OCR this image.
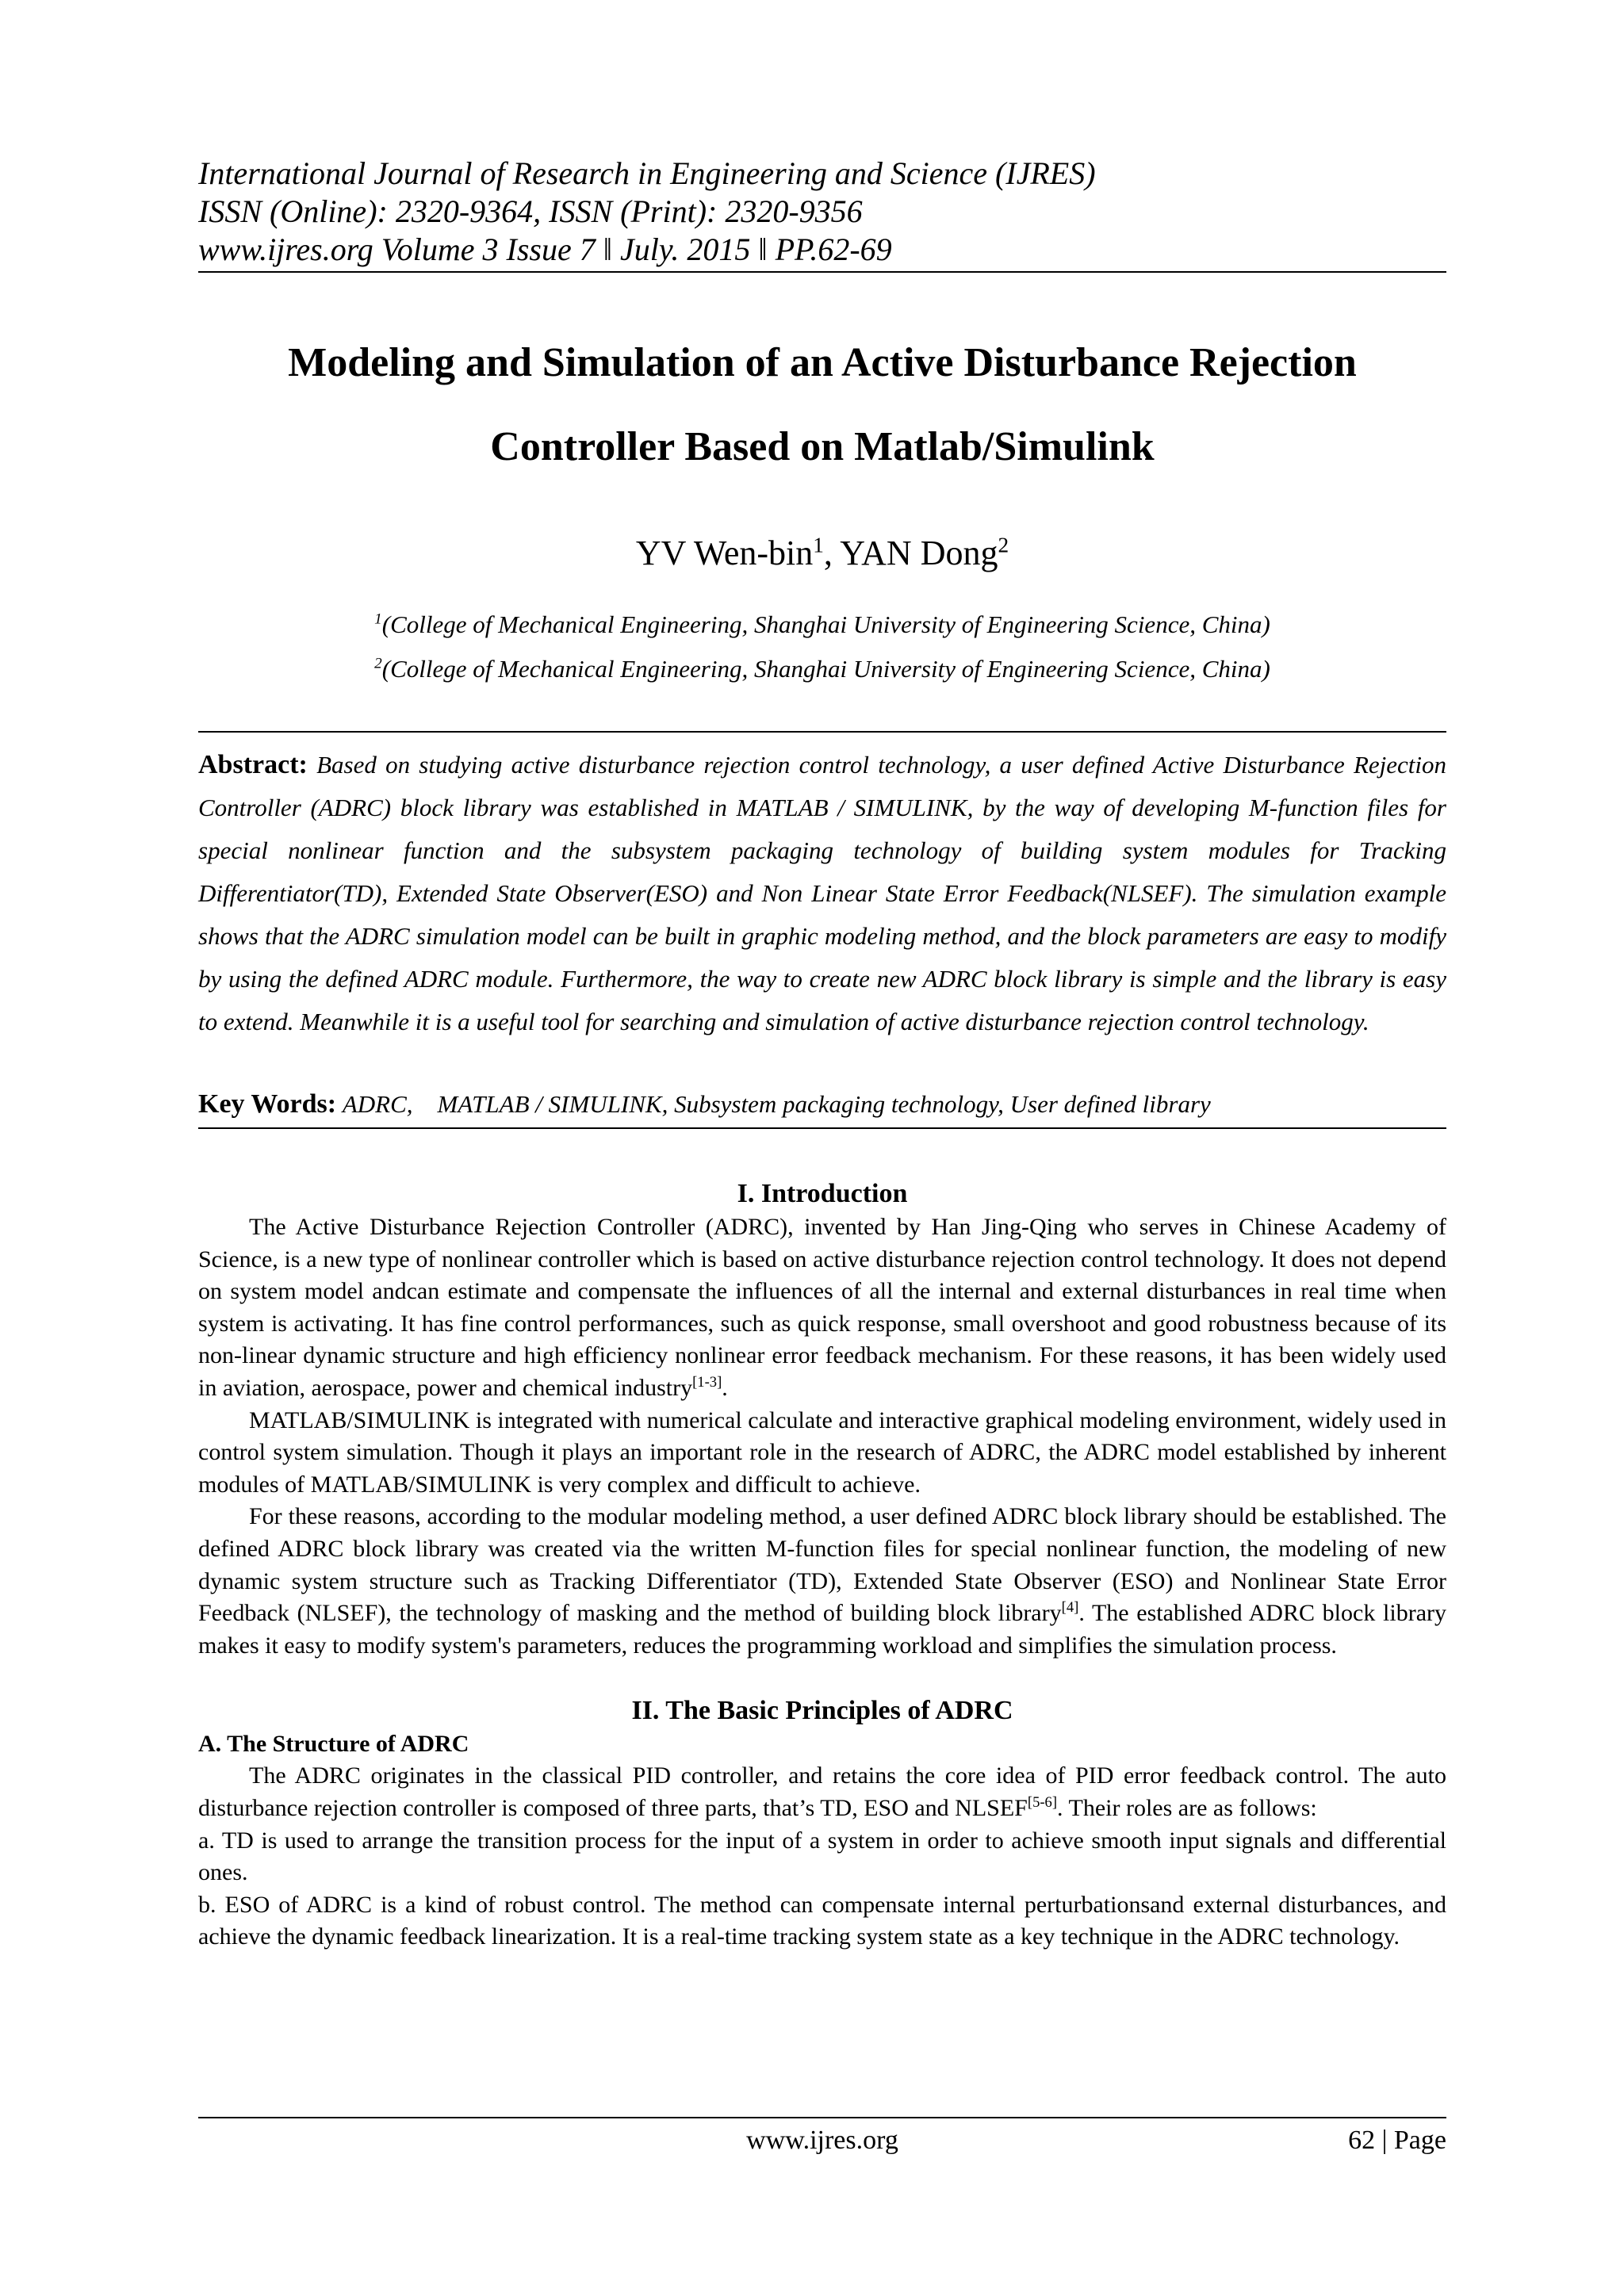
International Journal of Research in Engineering and Science (IJRES)
ISSN (Online): 2320-9364, ISSN (Print): 2320-9356
www.ijres.org Volume 3 Issue 7 ǁ July. 2015 ǁ PP.62-69
Modeling and Simulation of an Active Disturbance Rejection
Controller Based on Matlab/Simulink
YV Wen-bin$^1$, YAN Dong$^2$
$^1$(College of Mechanical Engineering, Shanghai University of Engineering Science, China)
$^2$(College of Mechanical Engineering, Shanghai University of Engineering Science, China)
Abstract: Based on studying active disturbance rejection control technology, a user defined Active Disturbance Rejection Controller (ADRC) block library was established in MATLAB / SIMULINK, by the way of developing M-function files for special nonlinear function and the subsystem packaging technology of building system modules for Tracking Differentiator(TD), Extended State Observer(ESO) and Non Linear State Error Feedback(NLSEF). The simulation example shows that the ADRC simulation model can be built in graphic modeling method, and the block parameters are easy to modify by using the defined ADRC module. Furthermore, the way to create new ADRC block library is simple and the library is easy to extend. Meanwhile it is a useful tool for searching and simulation of active disturbance rejection control technology.
Key Words: ADRC,    MATLAB / SIMULINK, Subsystem packaging technology, User defined library

I. Introduction

The Active Disturbance Rejection Controller (ADRC), invented by Han Jing-Qing who serves in Chinese Academy of Science, is a new type of nonlinear controller which is based on active disturbance rejection control technology. It does not depend on system model andcan estimate and compensate the influences of all the internal and external disturbances in real time when system is activating. It has fine control performances, such as quick response, small overshoot and good robustness because of its non-linear dynamic structure and high efficiency nonlinear error feedback mechanism. For these reasons, it has been widely used in aviation, aerospace, power and chemical industry[1-3].

MATLAB/SIMULINK is integrated with numerical calculate and interactive graphical modeling environment, widely used in control system simulation. Though it plays an important role in the research of ADRC, the ADRC model established by inherent modules of MATLAB/SIMULINK is very complex and difficult to achieve.

For these reasons, according to the modular modeling method, a user defined ADRC block library should be established. The defined ADRC block library was created via the written M-function files for special nonlinear function, the modeling of new dynamic system structure such as Tracking Differentiator (TD), Extended State Observer (ESO) and Nonlinear State Error Feedback (NLSEF), the technology of masking and the method of building block library[4]. The established ADRC block library makes it easy to modify system's parameters, reduces the programming workload and simplifies the simulation process.

II. The Basic Principles of ADRC

A. The Structure of ADRC

The ADRC originates in the classical PID controller, and retains the core idea of PID error feedback control. The auto disturbance rejection controller is composed of three parts, that’s TD, ESO and NLSEF[5-6]. Their roles are as follows:

a. TD is used to arrange the transition process for the input of a system in order to achieve smooth input signals and differential ones.

b. ESO of ADRC is a kind of robust control. The method can compensate internal perturbationsand external disturbances, and achieve the dynamic feedback linearization. It is a real-time tracking system state as a key technique in the ADRC technology.

www.ijres.org	62 | Page
